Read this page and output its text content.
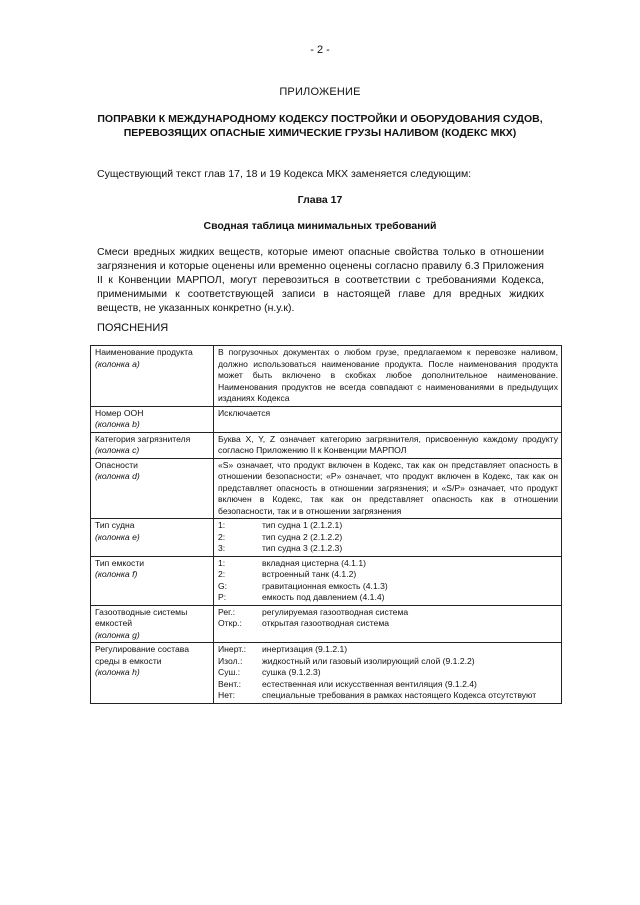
- 2 -
ПРИЛОЖЕНИЕ
ПОПРАВКИ К МЕЖДУНАРОДНОМУ КОДЕКСУ ПОСТРОЙКИ И ОБОРУДОВАНИЯ СУДОВ, ПЕРЕВОЗЯЩИХ ОПАСНЫЕ ХИМИЧЕСКИЕ ГРУЗЫ НАЛИВОМ (КОДЕКС МКХ)
Существующий текст глав 17, 18 и 19 Кодекса МКХ заменяется следующим:
Глава 17
Сводная таблица минимальных требований
Смеси вредных жидких веществ, которые имеют опасные свойства только в отношении загрязнения и которые оценены или временно оценены согласно правилу 6.3 Приложения II к Конвенции МАРПОЛ, могут перевозиться в соответствии с требованиями Кодекса, применимыми к соответствующей записи в настоящей главе для вредных жидких веществ, не указанных конкретно (н.у.к).
ПОЯСНЕНИЯ
Наименование продукта
(колонка a)
	В погрузочных документах о любом грузе, предлагаемом к перевозке наливом, должно использоваться наименование продукта. После наименования продукта может быть включено в скобках любое дополнительное наименование. Наименования продуктов не всегда совпадают с наименованиями в предыдущих изданиях Кодекса

Номер ООН
(колонка b)
	Исключается

Категория загрязнителя
(колонка c)
	Буква X, Y, Z означает категорию загрязнителя, присвоенную каждому продукту согласно Приложению II к Конвенции МАРПОЛ

Опасности
(колонка d)
	«S» означает, что продукт включен в Кодекс, так как он представляет опасность в отношении безопасности; «P» означает, что продукт включен в Кодекс, так как он представляет опасность в отношении загрязнения; и «S/P» означает, что продукт включен в Кодекс, так как он представляет опасность как в отношении безопасности, так и в отношении загрязнения

Тип судна
(колонка e)

1:	тип судна 1 (2.1.2.1)
2:	тип судна 2 (2.1.2.2)
3:	тип судна 3 (2.1.2.3)

Тип емкости
(колонка f)

1:	вкладная цистерна (4.1.1)
2:	встроенный танк (4.1.2)
G:	гравитационная емкость (4.1.3)
P:	емкость под давлением (4.1.4)

Газоотводные системы
емкостей
(колонка g)

Рег.:	регулируемая газоотводная система
Откр.:	открытая газоотводная система

Регулирование состава
среды в емкости
(колонка h)

Инерт.:	инертизация (9.1.2.1)
Изол.:	жидкостный или газовый изолирующий слой (9.1.2.2)
Суш.:	сушка (9.1.2.3)
Вент.:	естественная или искусственная вентиляция (9.1.2.4)
Нет:	специальные требования в рамках настоящего Кодекса отсутствуют
